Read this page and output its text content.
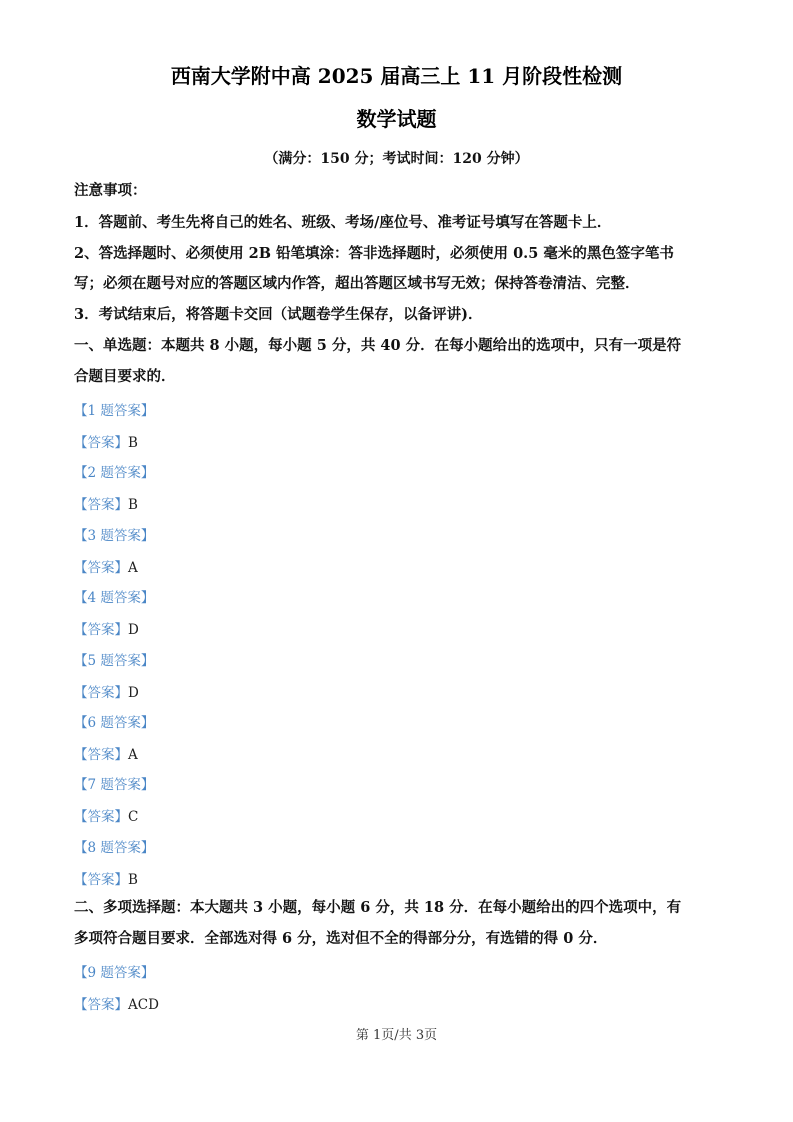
西南大学附中高 2025 届高三上 11 月阶段性检测
数学试题
（满分：150 分；考试时间：120 分钟）
注意事项：
1．答题前、考生先将自己的姓名、班级、考场/座位号、准考证号填写在答题卡上．
2、答选择题时、必须使用 2B 铅笔填涂：答非选择题时，必须使用 0.5 毫米的黑色签字笔书
写；必须在题号对应的答题区域内作答，超出答题区域书写无效；保持答卷清洁、完整．
3．考试结束后，将答题卡交回（试题卷学生保存，以备评讲)．
一、单选题：本题共 8 小题，每小题 5 分，共 40 分．在每小题给出的选项中，只有一项是符
合题目要求的．
【1 题答案】
【答案】B
【2 题答案】
【答案】B
【3 题答案】
【答案】A
【4 题答案】
【答案】D
【5 题答案】
【答案】D
【6 题答案】
【答案】A
【7 题答案】
【答案】C
【8 题答案】
【答案】B
二、多项选择题：本大题共 3 小题，每小题 6 分，共 18 分．在每小题给出的四个选项中，有
多项符合题目要求．全部选对得 6 分，选对但不全的得部分分，有选错的得 0 分．
【9 题答案】
【答案】ACD
第 1页/共 3页
